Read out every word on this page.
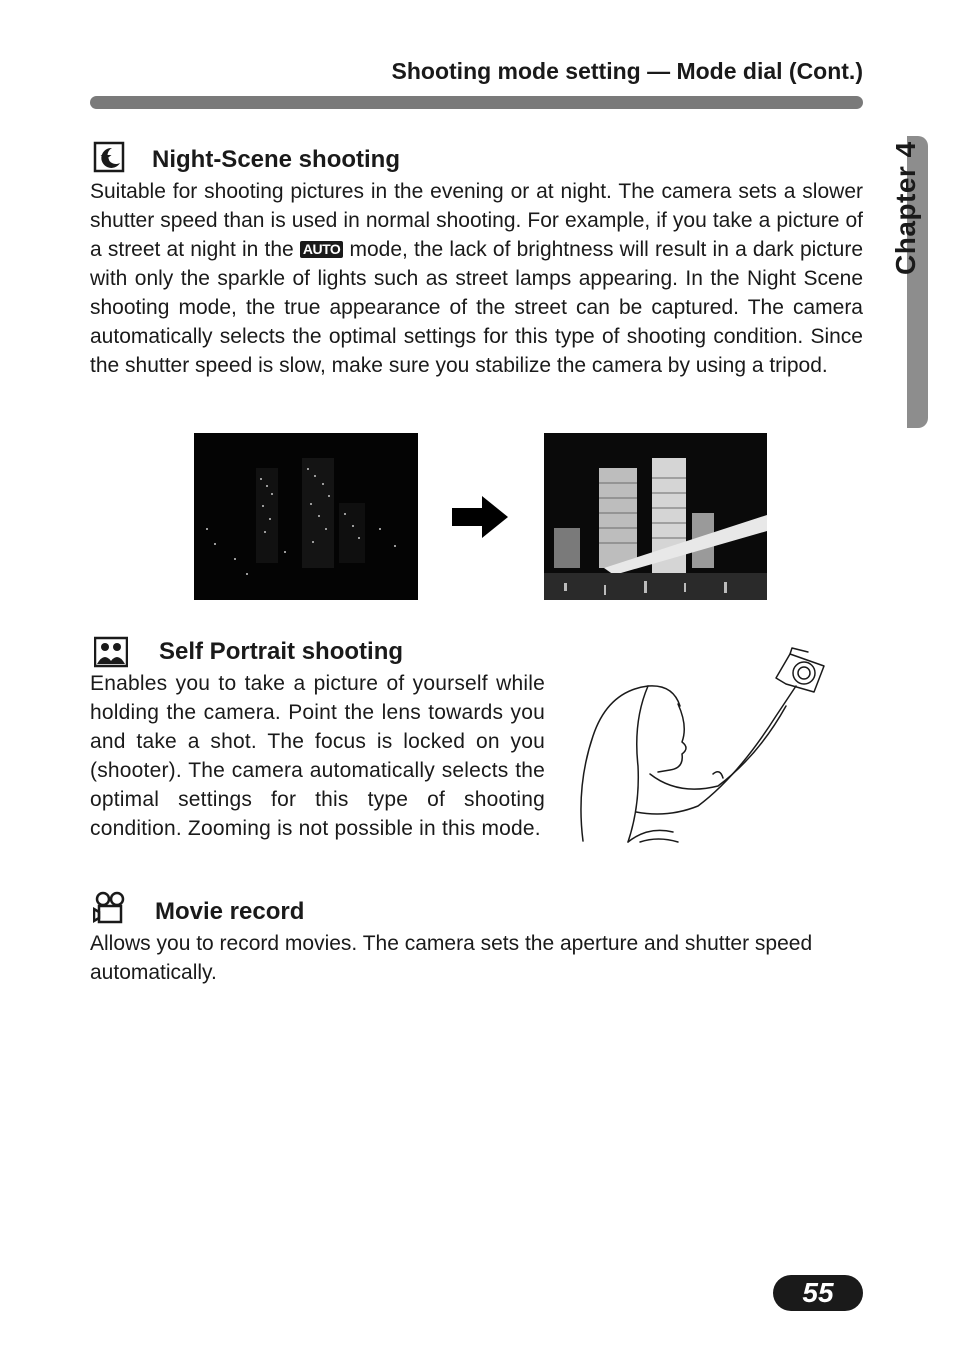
Shooting mode setting — Mode dial (Cont.)
Chapter 4
Night-Scene shooting
Suitable for shooting pictures in the evening or at night. The camera sets a slower shutter speed than is used in normal shooting. For example, if you take a picture of a street at night in the AUTO mode, the lack of brightness will result in a dark picture with only the sparkle of lights such as street lamps appearing. In the Night Scene shooting mode, the true appearance of the street can be captured. The camera automatically selects the optimal settings for this type of shooting condition. Since the shutter speed is slow, make sure you stabilize the camera by using a tripod.
Self Portrait shooting
Enables you to take a picture of yourself while holding the camera. Point the lens towards you and take a shot. The focus is locked on you (shooter). The camera automatically selects the optimal settings for this type of shooting condition. Zooming is not possible in this mode.
Movie record
Allows you to record movies. The camera sets the aperture and shutter speed automatically.
55
